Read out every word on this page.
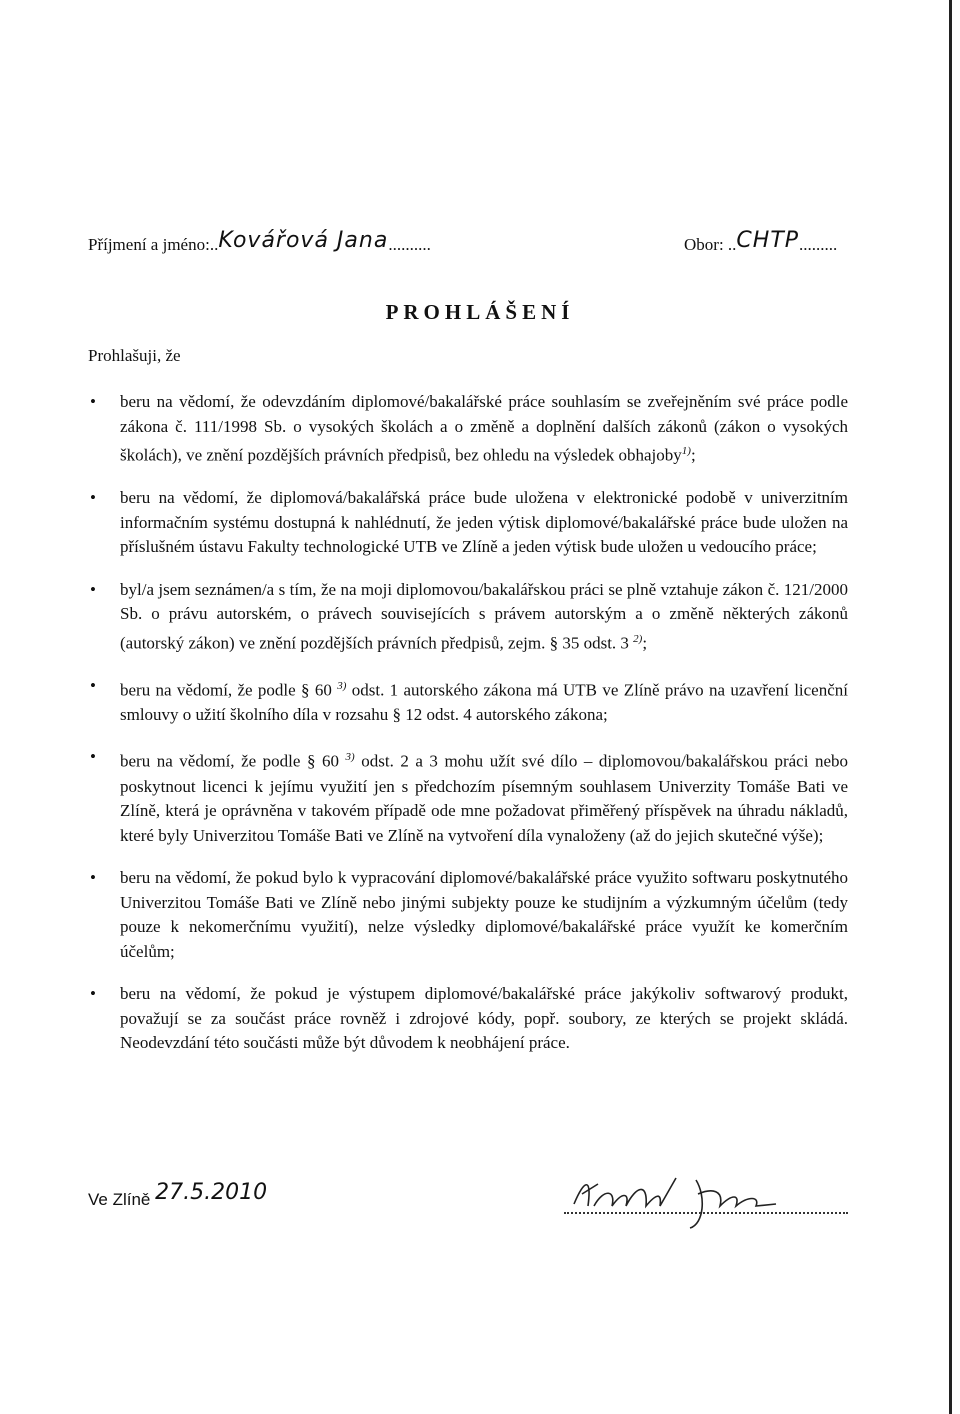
Příjmení a jméno:..Kovářová Jana..........	Obor: ..CHTP.........
PROHLÁŠENÍ
Prohlašuji, že
• beru na vědomí, že odevzdáním diplomové/bakalářské práce souhlasím se zveřejněním své práce podle zákona č. 111/1998 Sb. o vysokých školách a o změně a doplnění dalších zákonů (zákon o vysokých školách), ve znění pozdějších právních předpisů, bez ohledu na výsledek obhajoby$^{1)}$;
• beru na vědomí, že diplomová/bakalářská práce bude uložena v elektronické podobě v univerzitním informačním systému dostupná k nahlédnutí, že jeden výtisk diplomové/bakalářské práce bude uložen na příslušném ústavu Fakulty technologické UTB ve Zlíně a jeden výtisk bude uložen u vedoucího práce;
• byl/a jsem seznámen/a s tím, že na moji diplomovou/bakalářskou práci se plně vztahuje zákon č. 121/2000 Sb. o právu autorském, o právech souvisejících s právem autorským a o změně některých zákonů (autorský zákon) ve znění pozdějších právních předpisů, zejm. § 35 odst. 3 $^{2)}$;
• beru na vědomí, že podle § 60 $^{3)}$ odst. 1 autorského zákona má UTB ve Zlíně právo na uzavření licenční smlouvy o užití školního díla v rozsahu § 12 odst. 4 autorského zákona;
• beru na vědomí, že podle § 60 $^{3)}$ odst. 2 a 3 mohu užít své dílo – diplomovou/bakalářskou práci nebo poskytnout licenci k jejímu využití jen s předchozím písemným souhlasem Univerzity Tomáše Bati ve Zlíně, která je oprávněna v takovém případě ode mne požadovat přiměřený příspěvek na úhradu nákladů, které byly Univerzitou Tomáše Bati ve Zlíně na vytvoření díla vynaloženy (až do jejich skutečné výše);
• beru na vědomí, že pokud bylo k vypracování diplomové/bakalářské práce využito softwaru poskytnutého Univerzitou Tomáše Bati ve Zlíně nebo jinými subjekty pouze ke studijním a výzkumným účelům (tedy pouze k nekomerčnímu využití), nelze výsledky diplomové/bakalářské práce využít ke komerčním účelům;
• beru na vědomí, že pokud je výstupem diplomové/bakalářské práce jakýkoliv softwarový produkt, považují se za součást práce rovněž i zdrojové kódy, popř. soubory, ze kterých se projekt skládá. Neodevzdání této součásti může být důvodem k neobhájení práce.
Ve Zlíně 27.5.2010
